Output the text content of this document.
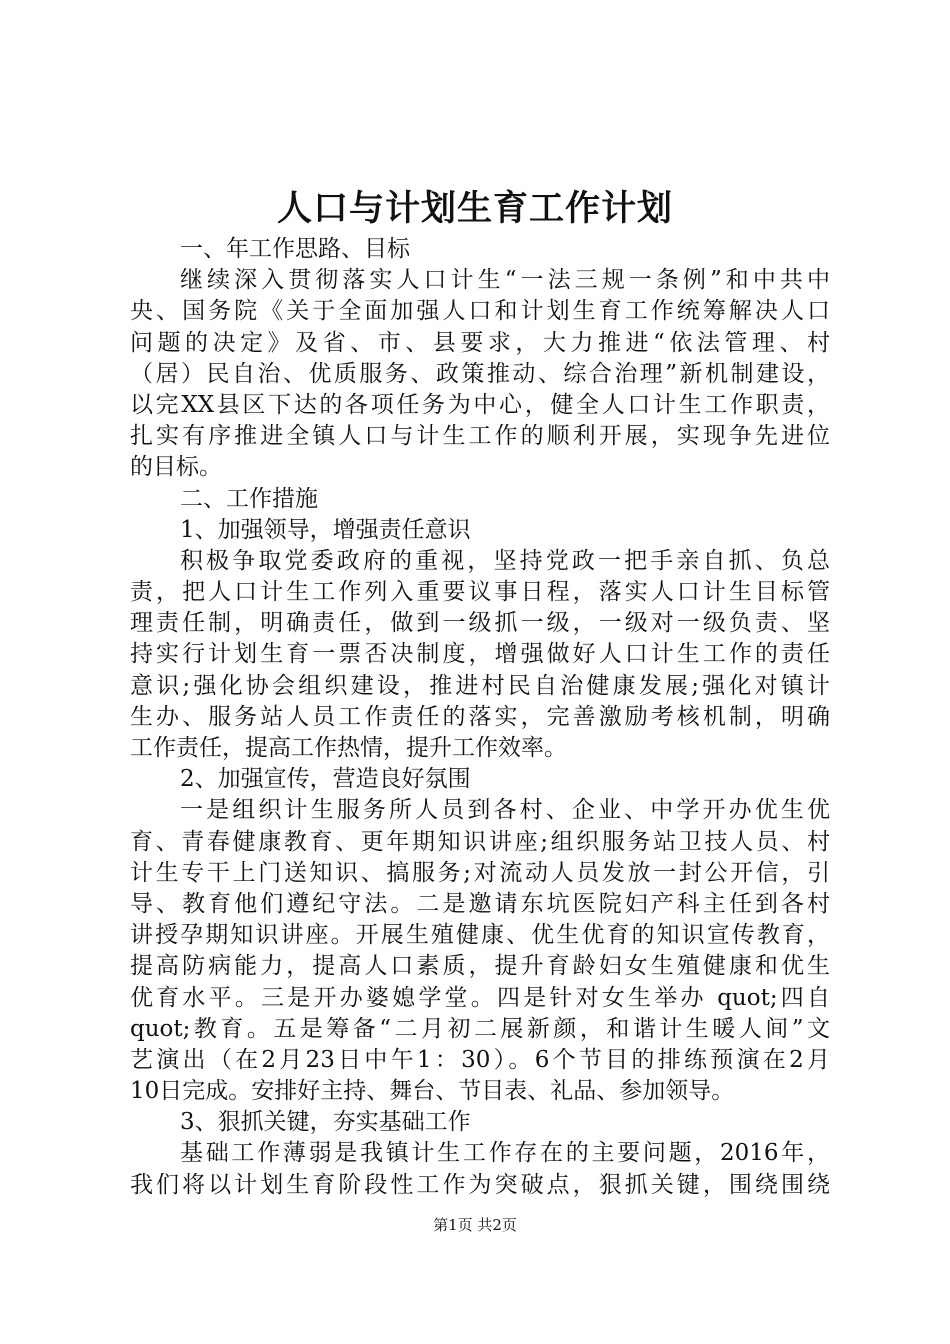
人口与计划生育工作计划
一、年工作思路、目标
继续深入贯彻落实人口计生“一法三规一条例”和中共中
央、国务院《关于全面加强人口和计划生育工作统筹解决人口
问题的决定》及省、市、县要求，大力推进“依法管理、村
（居）民自治、优质服务、政策推动、综合治理”新机制建设，
以完XX县区下达的各项任务为中心，健全人口计生工作职责，
扎实有序推进全镇人口与计生工作的顺利开展，实现争先进位
的目标。
二、工作措施
1、加强领导，增强责任意识
积极争取党委政府的重视，坚持党政一把手亲自抓、负总
责，把人口计生工作列入重要议事日程，落实人口计生目标管
理责任制，明确责任，做到一级抓一级，一级对一级负责、坚
持实行计划生育一票否决制度，增强做好人口计生工作的责任
意识;强化协会组织建设，推进村民自治健康发展;强化对镇计
生办、服务站人员工作责任的落实，完善激励考核机制，明确
工作责任，提高工作热情，提升工作效率。
2、加强宣传，营造良好氛围
一是组织计生服务所人员到各村、企业、中学开办优生优
育、青春健康教育、更年期知识讲座;组织服务站卫技人员、村
计生专干上门送知识、搞服务;对流动人员发放一封公开信，引
导、教育他们遵纪守法。二是邀请东坑医院妇产科主任到各村
讲授孕期知识讲座。开展生殖健康、优生优育的知识宣传教育，
提高防病能力，提高人口素质，提升育龄妇女生殖健康和优生
优育水平。三是开办婆媳学堂。四是针对女生举办 quot;四自
quot;教育。五是筹备“二月初二展新颜，和谐计生暖人间”文
艺演出（在2月23日中午1：30）。6个节目的排练预演在2月
10日完成。安排好主持、舞台、节目表、礼品、参加领导。
3、狠抓关键，夯实基础工作
基础工作薄弱是我镇计生工作存在的主要问题，2016年，
我们将以计划生育阶段性工作为突破点，狠抓关键，围绕围绕
第1页 共2页
